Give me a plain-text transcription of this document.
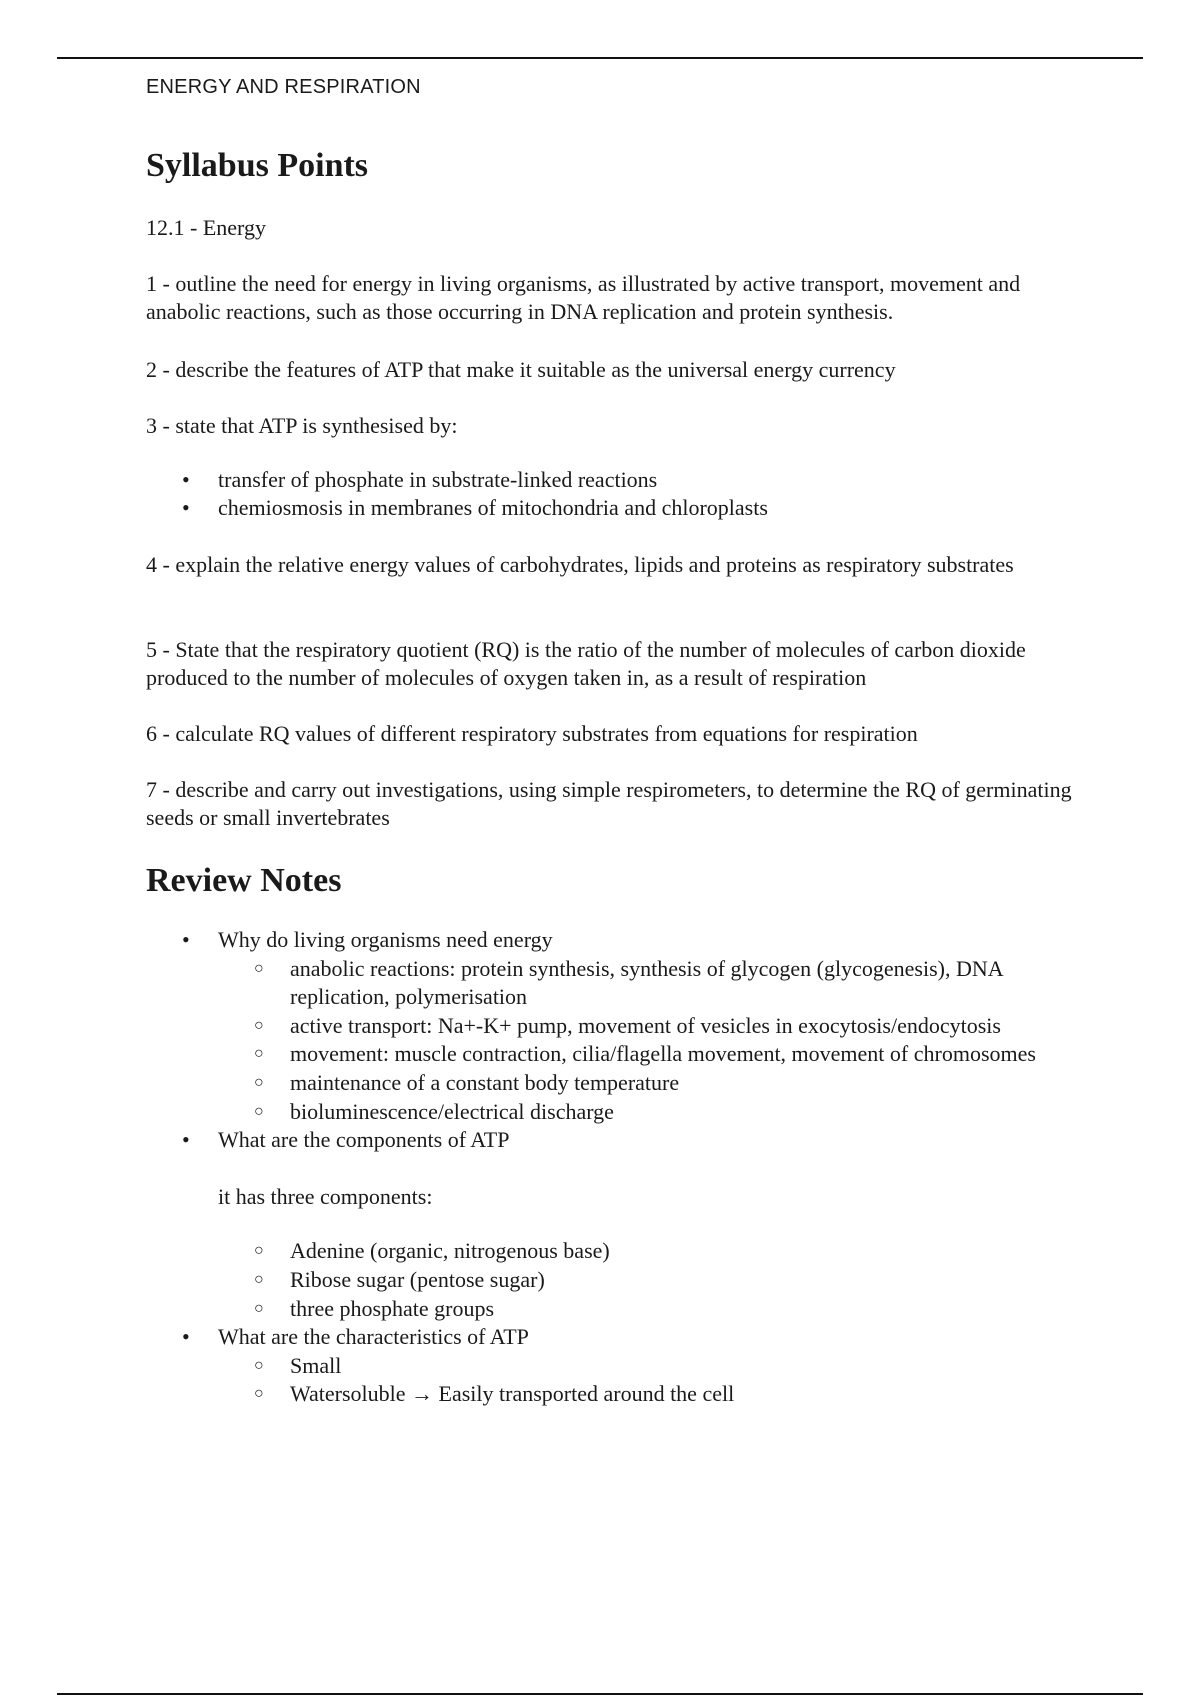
ENERGY AND RESPIRATION
Syllabus Points

12.1 - Energy

1 - outline the need for energy in living organisms, as illustrated by active transport, movement and anabolic reactions, such as those occurring in DNA replication and protein synthesis.

2 - describe the features of ATP that make it suitable as the universal energy currency

3 - state that ATP is synthesised by:

• transfer of phosphate in substrate-linked reactions
• chemiosmosis in membranes of mitochondria and chloroplasts

4 - explain the relative energy values of carbohydrates, lipids and proteins as respiratory substrates

5 - State that the respiratory quotient (RQ) is the ratio of the number of molecules of carbon dioxide produced to the number of molecules of oxygen taken in, as a result of respiration

6 - calculate RQ values of different respiratory substrates from equations for respiration

7 - describe and carry out investigations, using simple respirometers, to determine the RQ of germinating seeds or small invertebrates

Review Notes
• Why do living organisms need energy
○ anabolic reactions: protein synthesis, synthesis of glycogen (glycogenesis), DNA replication, polymerisation
○ active transport: Na+-K+ pump, movement of vesicles in exocytosis/endocytosis
○ movement: muscle contraction, cilia/flagella movement, movement of chromosomes
○ maintenance of a constant body temperature
○ bioluminescence/electrical discharge
• What are the components of ATP
it has three components:
○ Adenine (organic, nitrogenous base)
○ Ribose sugar (pentose sugar)
○ three phosphate groups
• What are the characteristics of ATP
○ Small
○ Watersoluble → Easily transported around the cell
